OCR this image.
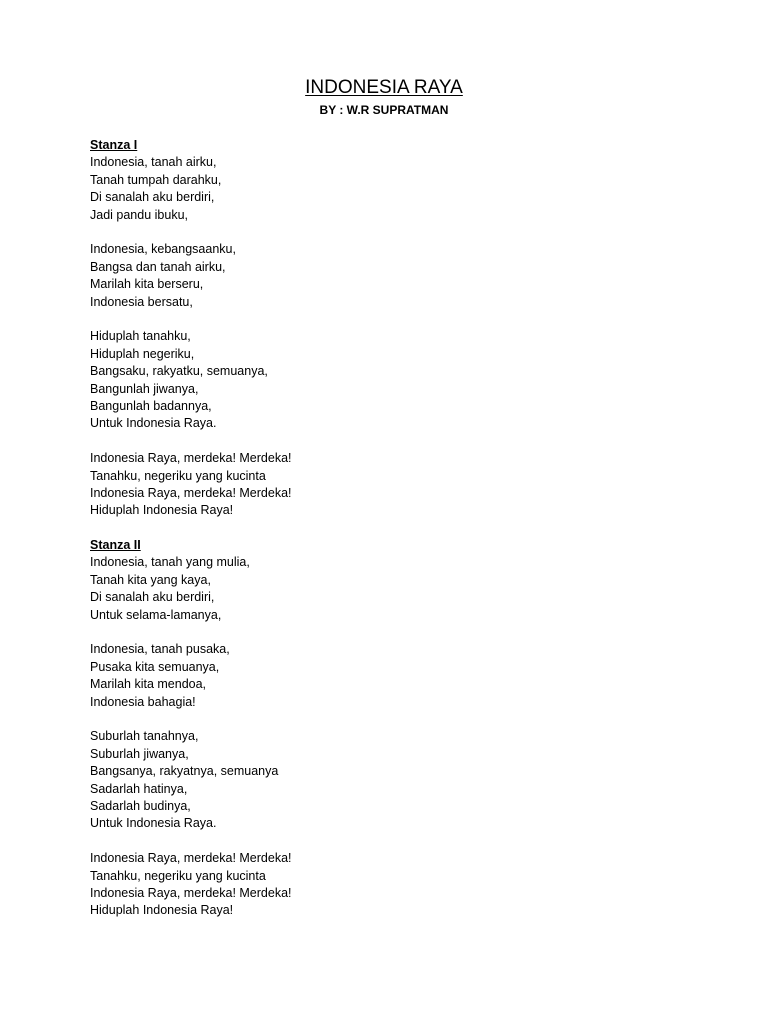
INDONESIA RAYA
BY : W.R SUPRATMAN
Stanza I
Indonesia, tanah airku,
Tanah tumpah darahku,
Di sanalah aku berdiri,
Jadi pandu ibuku,
Indonesia, kebangsaanku,
Bangsa dan tanah airku,
Marilah kita berseru,
Indonesia bersatu,
Hiduplah tanahku,
Hiduplah negeriku,
Bangsaku, rakyatku, semuanya,
Bangunlah jiwanya,
Bangunlah badannya,
Untuk Indonesia Raya.
Indonesia Raya, merdeka! Merdeka!
Tanahku, negeriku yang kucinta
Indonesia Raya, merdeka! Merdeka!
Hiduplah Indonesia Raya!
Stanza II
Indonesia, tanah yang mulia,
Tanah kita yang kaya,
Di sanalah aku berdiri,
Untuk selama-lamanya,
Indonesia, tanah pusaka,
Pusaka kita semuanya,
Marilah kita mendoa,
Indonesia bahagia!
Suburlah tanahnya,
Suburlah jiwanya,
Bangsanya, rakyatnya, semuanya
Sadarlah hatinya,
Sadarlah budinya,
Untuk Indonesia Raya.
Indonesia Raya, merdeka! Merdeka!
Tanahku, negeriku yang kucinta
Indonesia Raya, merdeka! Merdeka!
Hiduplah Indonesia Raya!
